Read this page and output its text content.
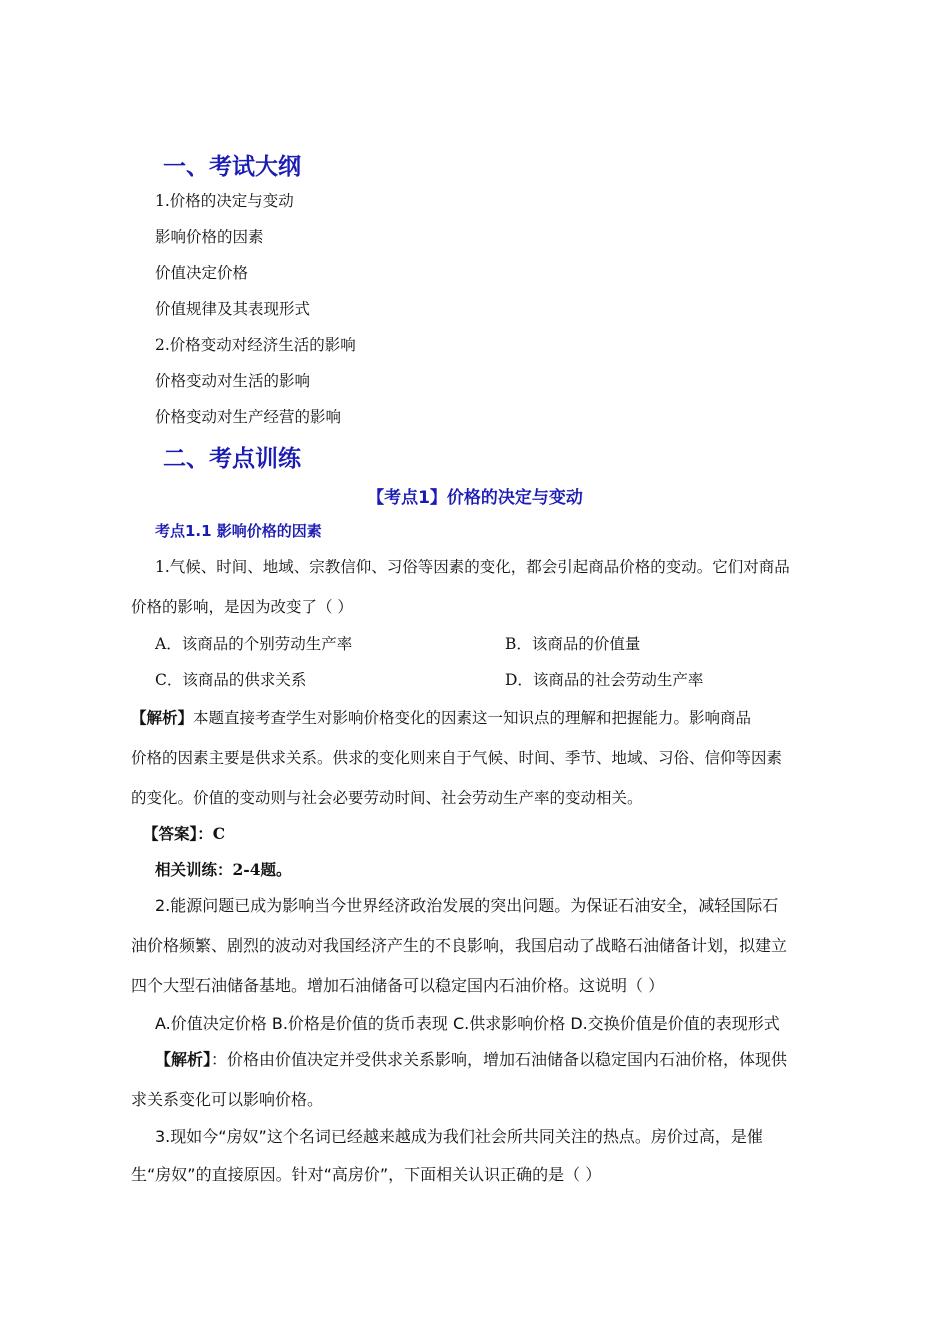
一、考试大纲
1.价格的决定与变动
影响价格的因素
价值决定价格
价值规律及其表现形式
2.价格变动对经济生活的影响
价格变动对生活的影响
价格变动对生产经营的影响
二、考点训练
【考点1】价格的决定与变动
考点1.1 影响价格的因素
1.气候、时间、地域、宗教信仰、习俗等因素的变化，都会引起商品价格的变动。它们对商品
价格的影响，是因为改变了（ ）
A．该商品的个别劳动生产率	B．该商品的价值量
C．该商品的供求关系	D．该商品的社会劳动生产率
【解析】本题直接考查学生对影响价格变化的因素这一知识点的理解和把握能力。影响商品
价格的因素主要是供求关系。供求的变化则来自于气候、时间、季节、地域、习俗、信仰等因素
的变化。价值的变动则与社会必要劳动时间、社会劳动生产率的变动相关。
【答案】：C
相关训练：2-4题。
2.能源问题已成为影响当今世界经济政治发展的突出问题。为保证石油安全，减轻国际石
油价格频繁、剧烈的波动对我国经济产生的不良影响，我国启动了战略石油储备计划，拟建立
四个大型石油储备基地。增加石油储备可以稳定国内石油价格。这说明（ ）
A.价值决定价格 B.价格是价值的货币表现 C.供求影响价格 D.交换价值是价值的表现形式
【解析】：价格由价值决定并受供求关系影响，增加石油储备以稳定国内石油价格，体现供
求关系变化可以影响价格。
3.现如今“房奴”这个名词已经越来越成为我们社会所共同关注的热点。房价过高，是催
生“房奴”的直接原因。针对“高房价”，下面相关认识正确的是（ ）
